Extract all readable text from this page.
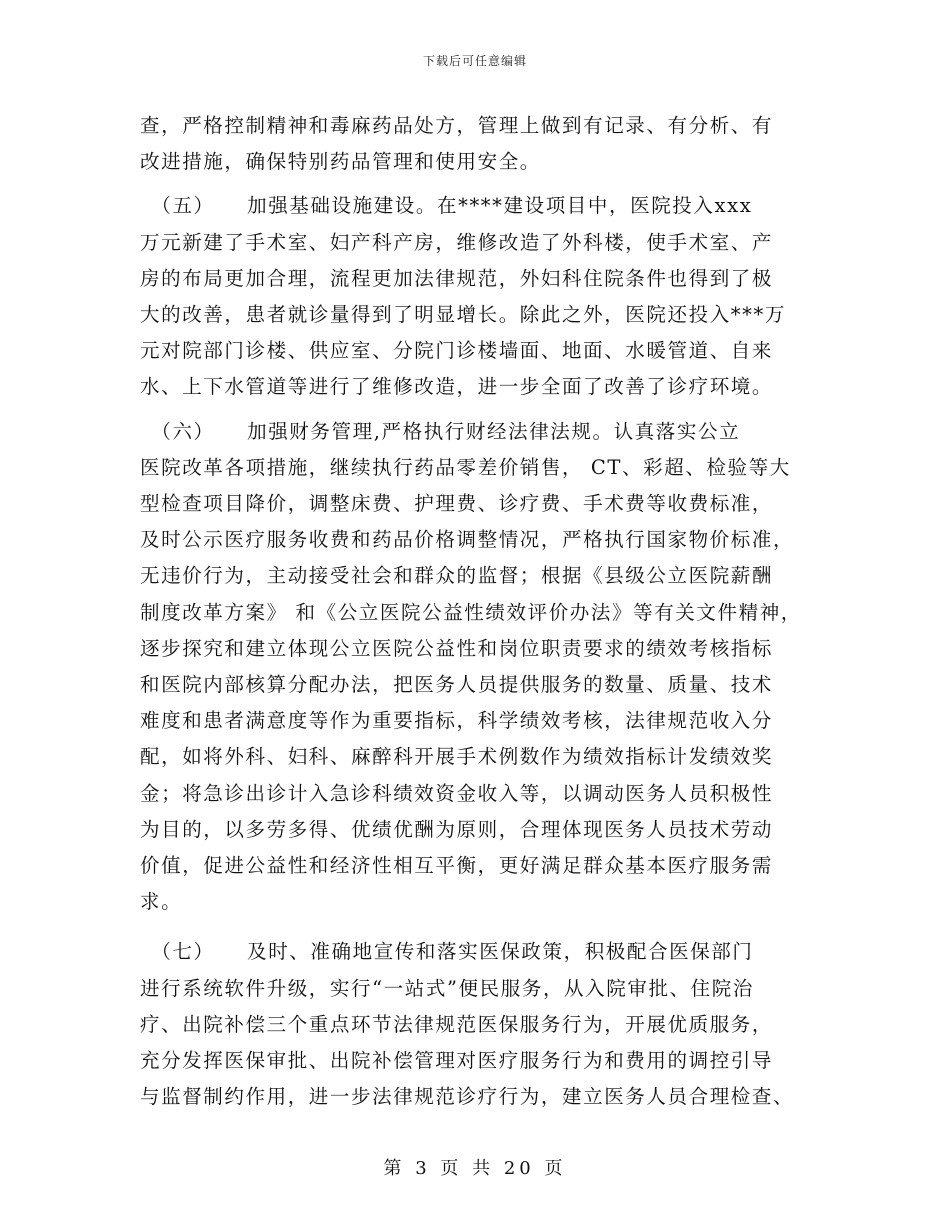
下载后可任意编辑

查，严格控制精神和毒麻药品处方，管理上做到有记录、有分析、有
改进措施，确保特别药品管理和使用安全。

　（五）　　加强基础设施建设。在****建设项目中，医院投入xxx
万元新建了手术室、妇产科产房，维修改造了外科楼，使手术室、产
房的布局更加合理，流程更加法律规范，外妇科住院条件也得到了极
大的改善，患者就诊量得到了明显增长。除此之外，医院还投入***万
元对院部门诊楼、供应室、分院门诊楼墙面、地面、水暖管道、自来
水、上下水管道等进行了维修改造，进一步全面了改善了诊疗环境。

　（六）　　加强财务管理,严格执行财经法律法规。认真落实公立
医院改革各项措施，继续执行药品零差价销售， CT、彩超、检验等大
型检查项目降价，调整床费、护理费、诊疗费、手术费等收费标准，
及时公示医疗服务收费和药品价格调整情况，严格执行国家物价标准，
无违价行为，主动接受社会和群众的监督；根据《县级公立医院薪酬
制度改革方案》 和《公立医院公益性绩效评价办法》等有关文件精神，
逐步探究和建立体现公立医院公益性和岗位职责要求的绩效考核指标
和医院内部核算分配办法，把医务人员提供服务的数量、质量、技术
难度和患者满意度等作为重要指标，科学绩效考核，法律规范收入分
配，如将外科、妇科、麻醉科开展手术例数作为绩效指标计发绩效奖
金；将急诊出诊计入急诊科绩效资金收入等，以调动医务人员积极性
为目的，以多劳多得、优绩优酬为原则，合理体现医务人员技术劳动
价值，促进公益性和经济性相互平衡，更好满足群众基本医疗服务需
求。

　（七）　　及时、准确地宣传和落实医保政策，积极配合医保部门
进行系统软件升级，实行“一站式”便民服务，从入院审批、住院治
疗、出院补偿三个重点环节法律规范医保服务行为，开展优质服务，
充分发挥医保审批、出院补偿管理对医疗服务行为和费用的调控引导
与监督制约作用，进一步法律规范诊疗行为，建立医务人员合理检查、

第 3 页 共 20 页
